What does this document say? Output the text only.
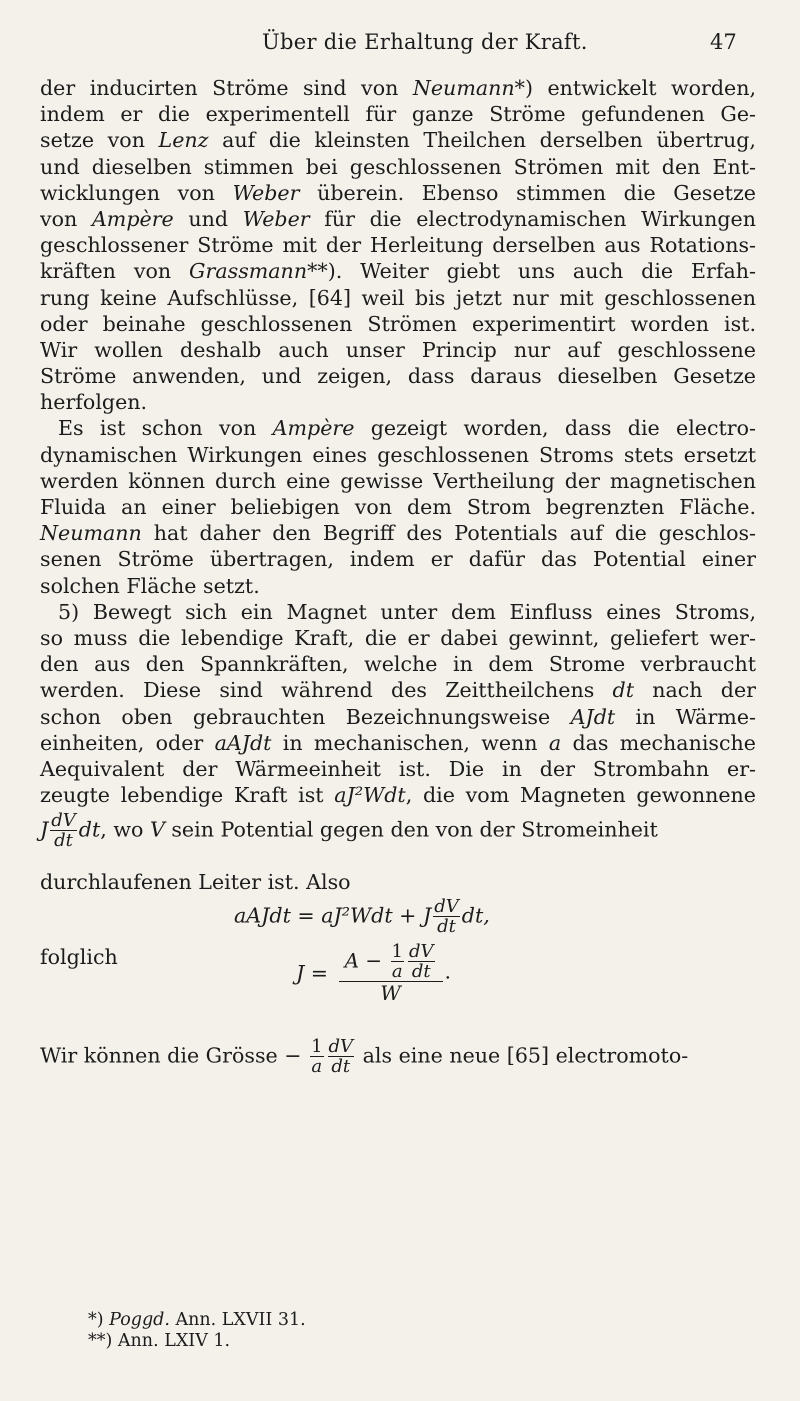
Über die Erhaltung der Kraft.	47
der inducirten Ströme sind von Neumann*) entwickelt worden,
indem er die experimentell für ganze Ströme gefundenen Ge-
setze von Lenz auf die kleinsten Theilchen derselben übertrug,
und dieselben stimmen bei geschlossenen Strömen mit den Ent-
wicklungen von Weber überein. Ebenso stimmen die Gesetze
von Ampère und Weber für die electrodynamischen Wirkungen
geschlossener Ströme mit der Herleitung derselben aus Rotations-
kräften von Grassmann**). Weiter giebt uns auch die Erfah-
rung keine Aufschlüsse, [64] weil bis jetzt nur mit geschlossenen
oder beinahe geschlossenen Strömen experimentirt worden ist.
Wir wollen deshalb auch unser Princip nur auf geschlossene
Ströme anwenden, und zeigen, dass daraus dieselben Gesetze
herfolgen.
Es ist schon von Ampère gezeigt worden, dass die electro-
dynamischen Wirkungen eines geschlossenen Stroms stets ersetzt
werden können durch eine gewisse Vertheilung der magnetischen
Fluida an einer beliebigen von dem Strom begrenzten Fläche.
Neumann hat daher den Begriff des Potentials auf die geschlos-
senen Ströme übertragen, indem er dafür das Potential einer
solchen Fläche setzt.
5) Bewegt sich ein Magnet unter dem Einfluss eines Stroms,
so muss die lebendige Kraft, die er dabei gewinnt, geliefert wer-
den aus den Spannkräften, welche in dem Strome verbraucht
werden. Diese sind während des Zeittheilchens dt nach der
schon oben gebrauchten Bezeichnungsweise AJdt in Wärme-
einheiten, oder aAJdt in mechanischen, wenn a das mechanische
Aequivalent der Wärmeeinheit ist. Die in der Strombahn er-
zeugte lebendige Kraft ist aJ²Wdt, die vom Magneten gewonnene
J $\frac{dV}{dt}$ dt, wo V sein Potential gegen den von der Stromeinheit
durchlaufenen Leiter ist. Also
aAJdt = aJ²Wdt + J $\frac{dV}{dt}$ dt,
folglich
$J = \frac{A - \frac{1}{a} \frac{dV}{dt}}{W}$ .
Wir können die Grösse − $\frac{1}{a} \frac{dV}{dt}$ als eine neue [65] electromoto-
*) Poggd. Ann. LXVII 31.
**) Ann. LXIV 1.
